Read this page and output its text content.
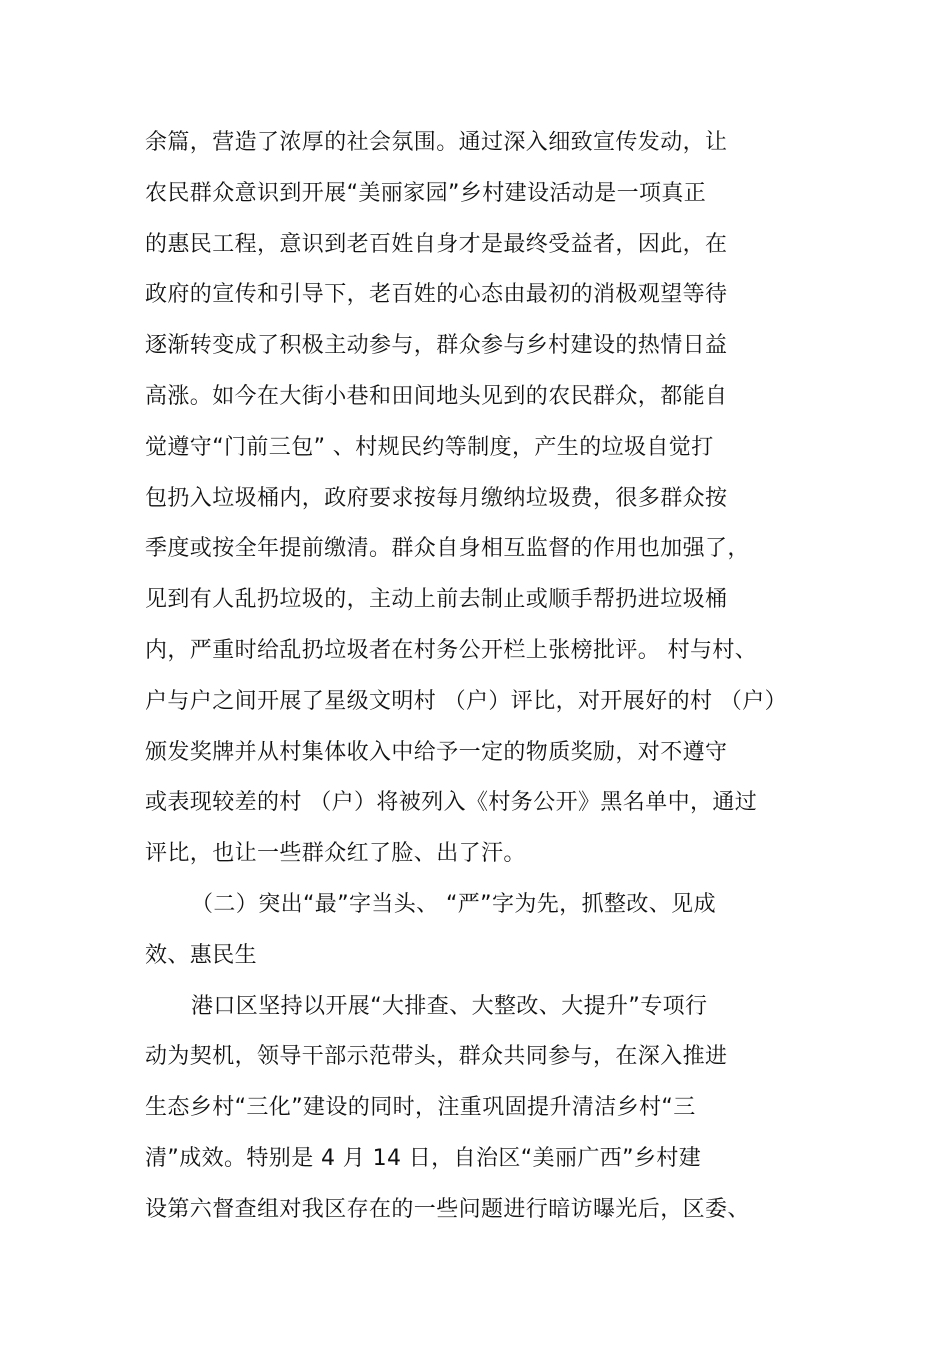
余篇，营造了浓厚的社会氛围。通过深入细致宣传发动，让
农民群众意识到开展“美丽家园”乡村建设活动是一项真正
的惠民工程，意识到老百姓自身才是最终受益者，因此，在
政府的宣传和引导下，老百姓的心态由最初的消极观望等待
逐渐转变成了积极主动参与，群众参与乡村建设的热情日益
高涨。如今在大街小巷和田间地头见到的农民群众，都能自
觉遵守“门前三包” 、村规民约等制度，产生的垃圾自觉打
包扔入垃圾桶内，政府要求按每月缴纳垃圾费，很多群众按
季度或按全年提前缴清。群众自身相互监督的作用也加强了，
见到有人乱扔垃圾的，主动上前去制止或顺手帮扔进垃圾桶
内，严重时给乱扔垃圾者在村务公开栏上张榜批评。 村与村、
户与户之间开展了星级文明村 （户）评比，对开展好的村 （户）
颁发奖牌并从村集体收入中给予一定的物质奖励，对不遵守
或表现较差的村 （户）将被列入《村务公开》黑名单中，通过
评比，也让一些群众红了脸、出了汗。
（二）突出“最”字当头、 “严”字为先，抓整改、见成
效、惠民生
港口区坚持以开展“大排查、大整改、大提升”专项行
动为契机，领导干部示范带头，群众共同参与，在深入推进
生态乡村“三化”建设的同时，注重巩固提升清洁乡村“三
清”成效。特别是 4 月 14 日，自治区“美丽广西”乡村建
设第六督查组对我区存在的一些问题进行暗访曝光后，区委、
